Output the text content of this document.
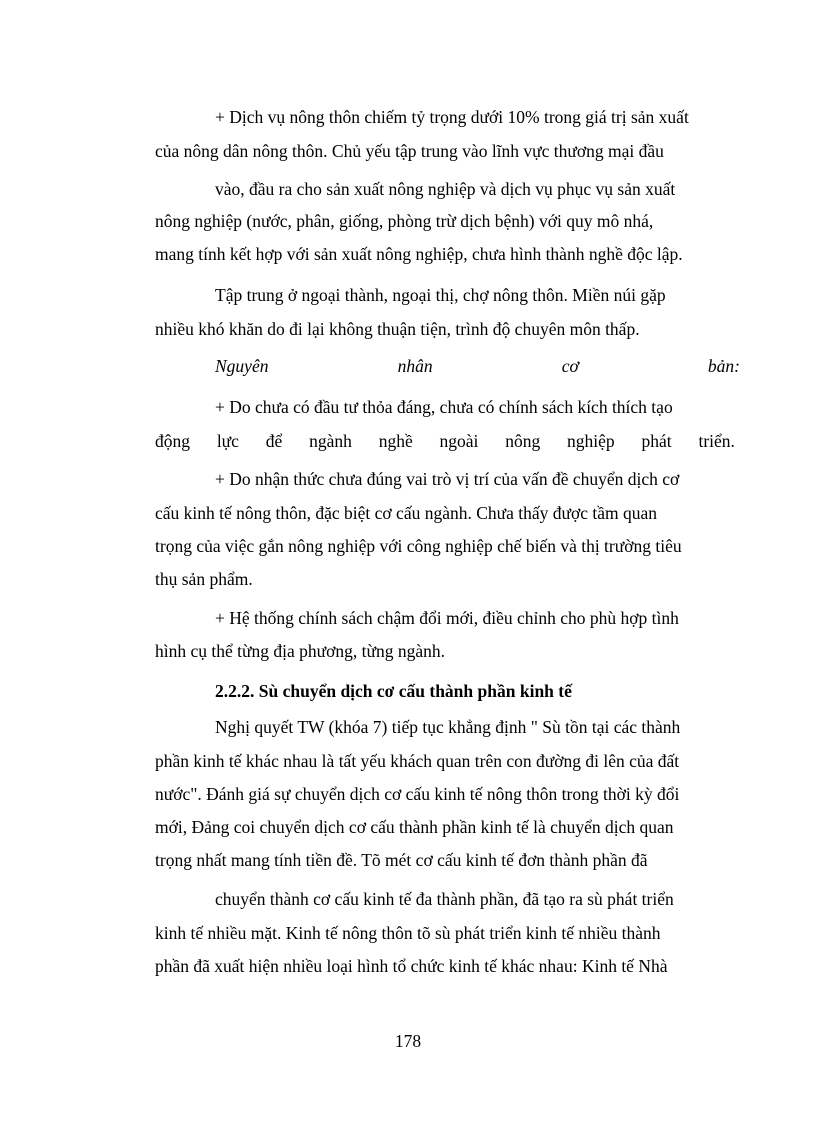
+ Dịch vụ nông thôn chiếm tỷ trọng dưới 10% trong giá trị sản xuất
của nông dân nông thôn. Chủ yếu tập trung vào lĩnh vực thương mại đầu
vào, đầu ra cho sản xuất nông nghiệp và dịch vụ phục vụ sản xuất
nông nghiệp (nước, phân, giống, phòng trừ dịch bệnh) với quy mô nhá,
mang tính kết hợp với sản xuất nông nghiệp, chưa hình thành nghề độc lập.
Tập trung ở ngoại thành, ngoại thị, chợ nông thôn. Miền núi gặp
nhiều khó khăn do đi lại không thuận tiện, trình độ chuyên môn thấp.
Nguyên	nhân	cơ	bản:
+ Do chưa có đầu tư thỏa đáng, chưa có chính sách kích thích tạo
động lực để ngành nghề ngoài nông nghiệp phát triển.
+ Do nhận thức chưa đúng vai trò vị trí của vấn đề chuyển dịch cơ
cấu kinh tế nông thôn, đặc biệt cơ cấu ngành. Chưa thấy được tầm quan
trọng của việc gắn nông nghiệp với công nghiệp chế biến và thị trường tiêu
thụ sản phẩm.
+ Hệ thống chính sách chậm đổi mới, điều chỉnh cho phù hợp tình
hình cụ thể từng địa phương, từng ngành.
2.2.2. Sù chuyển dịch cơ cấu thành phần kinh tế
Nghị quyết TW (khóa 7) tiếp tục khẳng định " Sù tồn tại các thành
phần kinh tế khác nhau là tất yếu khách quan trên con đường đi lên của đất
nước". Đánh giá sự chuyển dịch cơ cấu kinh tế nông thôn trong thời kỳ đổi
mới, Đảng coi chuyển dịch cơ cấu thành phần kinh tế là chuyển dịch quan
trọng nhất mang tính tiền đề. Tõ mét cơ cấu kinh tế đơn thành phần đã
chuyển thành cơ cấu kinh tế đa thành phần, đã tạo ra sù phát triển
kinh tế nhiều mặt. Kinh tế nông thôn tõ sù phát triển kinh tế nhiều thành
phần đã xuất hiện nhiều loại hình tổ chức kinh tế khác nhau: Kinh tế Nhà
178
